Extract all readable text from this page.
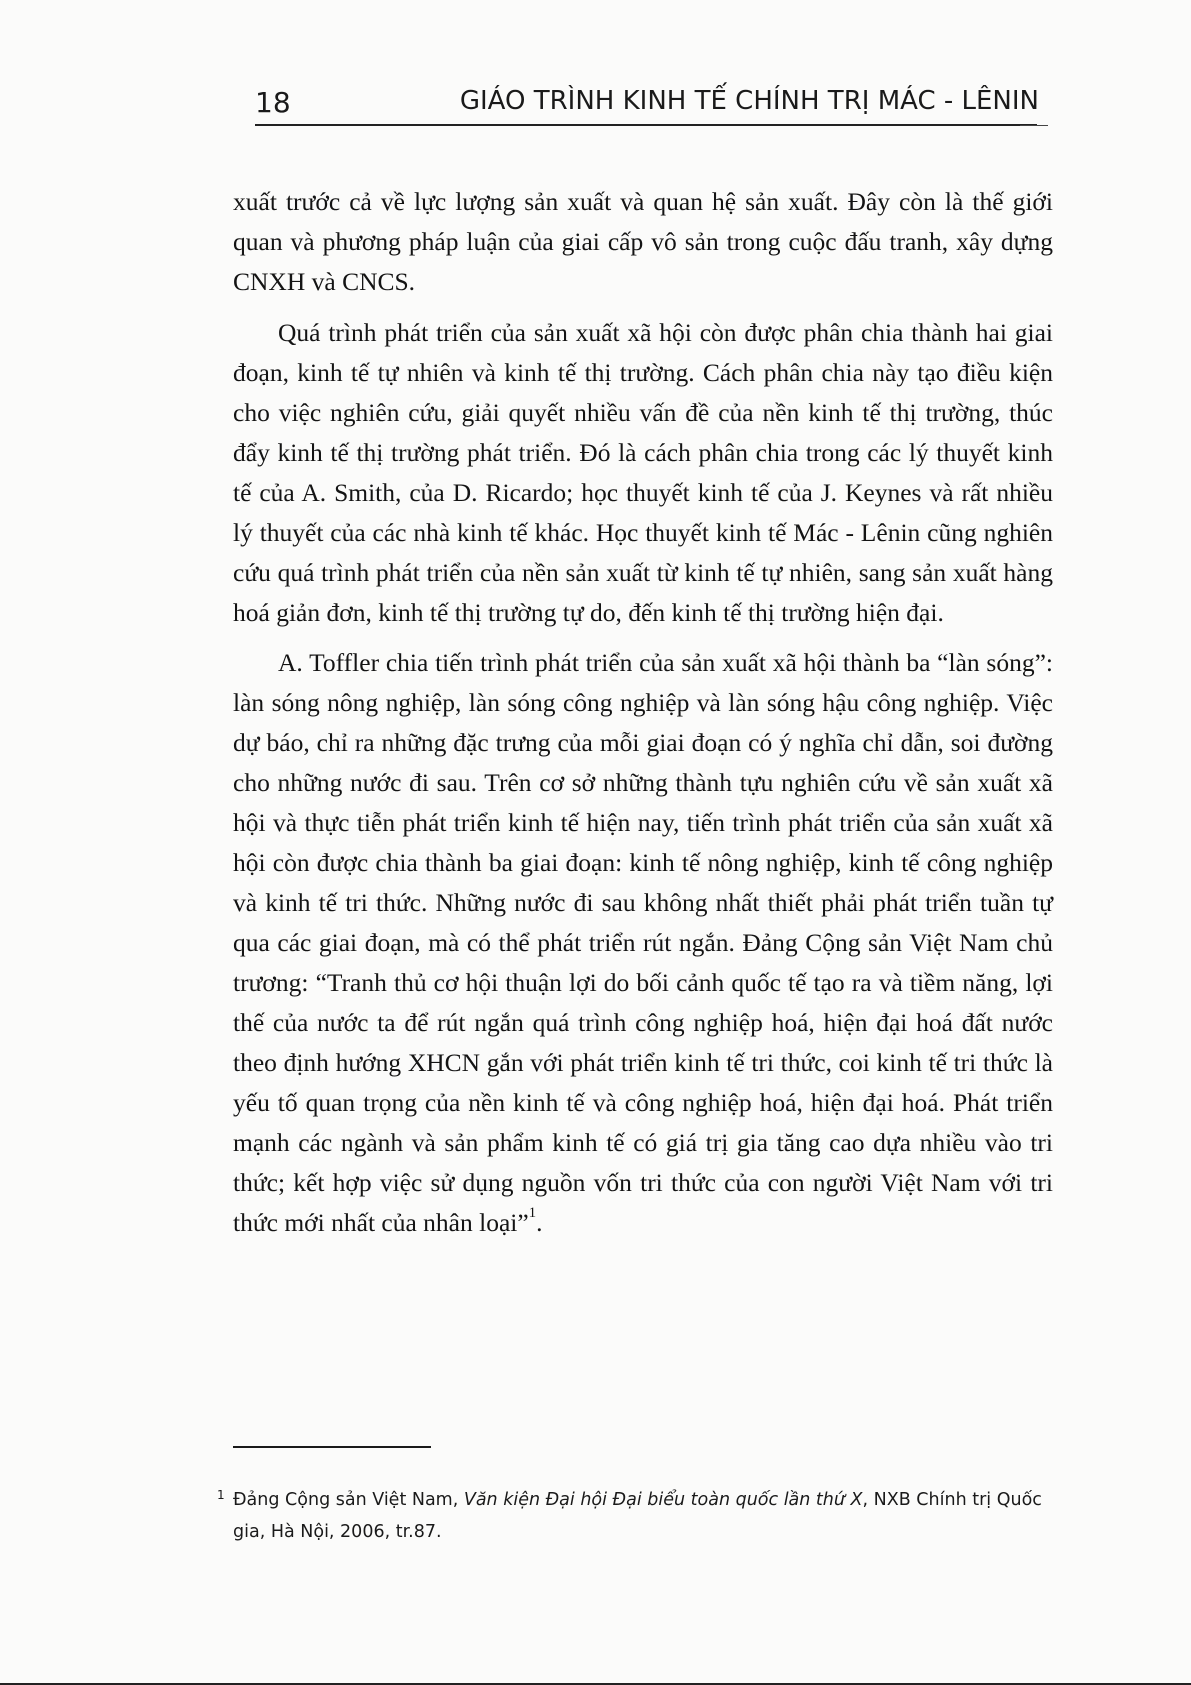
18	GIÁO TRÌNH KINH TẾ CHÍNH TRỊ MÁC - LÊNIN

xuất trước cả về lực lượng sản xuất và quan hệ sản xuất. Đây còn là thế giới quan và phương pháp luận của giai cấp vô sản trong cuộc đấu tranh, xây dựng CNXH và CNCS.

Quá trình phát triển của sản xuất xã hội còn được phân chia thành hai giai đoạn, kinh tế tự nhiên và kinh tế thị trường. Cách phân chia này tạo điều kiện cho việc nghiên cứu, giải quyết nhiều vấn đề của nền kinh tế thị trường, thúc đẩy kinh tế thị trường phát triển. Đó là cách phân chia trong các lý thuyết kinh tế của A. Smith, của D. Ricardo; học thuyết kinh tế của J. Keynes và rất nhiều lý thuyết của các nhà kinh tế khác. Học thuyết kinh tế Mác - Lênin cũng nghiên cứu quá trình phát triển của nền sản xuất từ kinh tế tự nhiên, sang sản xuất hàng hoá giản đơn, kinh tế thị trường tự do, đến kinh tế thị trường hiện đại.

A. Toffler chia tiến trình phát triển của sản xuất xã hội thành ba “làn sóng”: làn sóng nông nghiệp, làn sóng công nghiệp và làn sóng hậu công nghiệp. Việc dự báo, chỉ ra những đặc trưng của mỗi giai đoạn có ý nghĩa chỉ dẫn, soi đường cho những nước đi sau. Trên cơ sở những thành tựu nghiên cứu về sản xuất xã hội và thực tiễn phát triển kinh tế hiện nay, tiến trình phát triển của sản xuất xã hội còn được chia thành ba giai đoạn: kinh tế nông nghiệp, kinh tế công nghiệp và kinh tế tri thức. Những nước đi sau không nhất thiết phải phát triển tuần tự qua các giai đoạn, mà có thể phát triển rút ngắn. Đảng Cộng sản Việt Nam chủ trương: “Tranh thủ cơ hội thuận lợi do bối cảnh quốc tế tạo ra và tiềm năng, lợi thế của nước ta để rút ngắn quá trình công nghiệp hoá, hiện đại hoá đất nước theo định hướng XHCN gắn với phát triển kinh tế tri thức, coi kinh tế tri thức là yếu tố quan trọng của nền kinh tế và công nghiệp hoá, hiện đại hoá. Phát triển mạnh các ngành và sản phẩm kinh tế có giá trị gia tăng cao dựa nhiều vào tri thức; kết hợp việc sử dụng nguồn vốn tri thức của con người Việt Nam với tri thức mới nhất của nhân loại”$^1$.

1 Đảng Cộng sản Việt Nam, Văn kiện Đại hội Đại biểu toàn quốc lần thứ X, NXB Chính trị Quốc gia, Hà Nội, 2006, tr.87.
